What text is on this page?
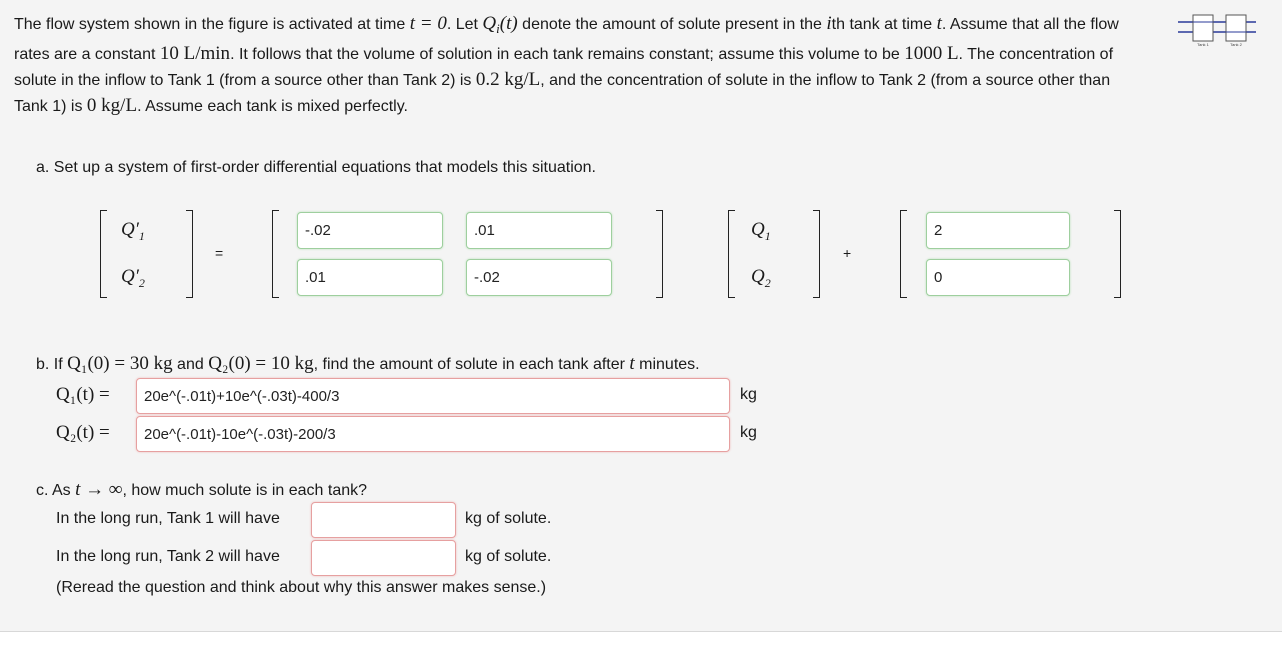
The flow system shown in the figure is activated at time t = 0. Let $Q_i(t)$ denote the amount of solute present in the ith tank at time t. Assume that all the flow rates are a constant 10 L/min. It follows that the volume of solution in each tank remains constant; assume this volume to be 1000 L. The concentration of solute in the inflow to Tank 1 (from a source other than Tank 2) is 0.2 kg/L, and the concentration of solute in the inflow to Tank 2 (from a source other than Tank 1) is 0 kg/L. Assume each tank is mixed perfectly.

Tank 1	Tank 2
a. Set up a system of first-order differential equations that models this situation.
$Q'_1$
$Q'_2$
=
-.02	.01
.01	-.02
$Q_1$
$Q_2$
+
2
0
b. If Q₁(0) = 30 kg and Q₂(0) = 10 kg, find the amount of solute in each tank after t minutes.
Q₁(t) =	20e^(-.01t)+10e^(-.03t)-400/3	kg
Q₂(t) =	20e^(-.01t)-10e^(-.03t)-200/3	kg
c. As t → ∞, how much solute is in each tank?
In the long run, Tank 1 will have	kg of solute.
In the long run, Tank 2 will have	kg of solute.
(Reread the question and think about why this answer makes sense.)
